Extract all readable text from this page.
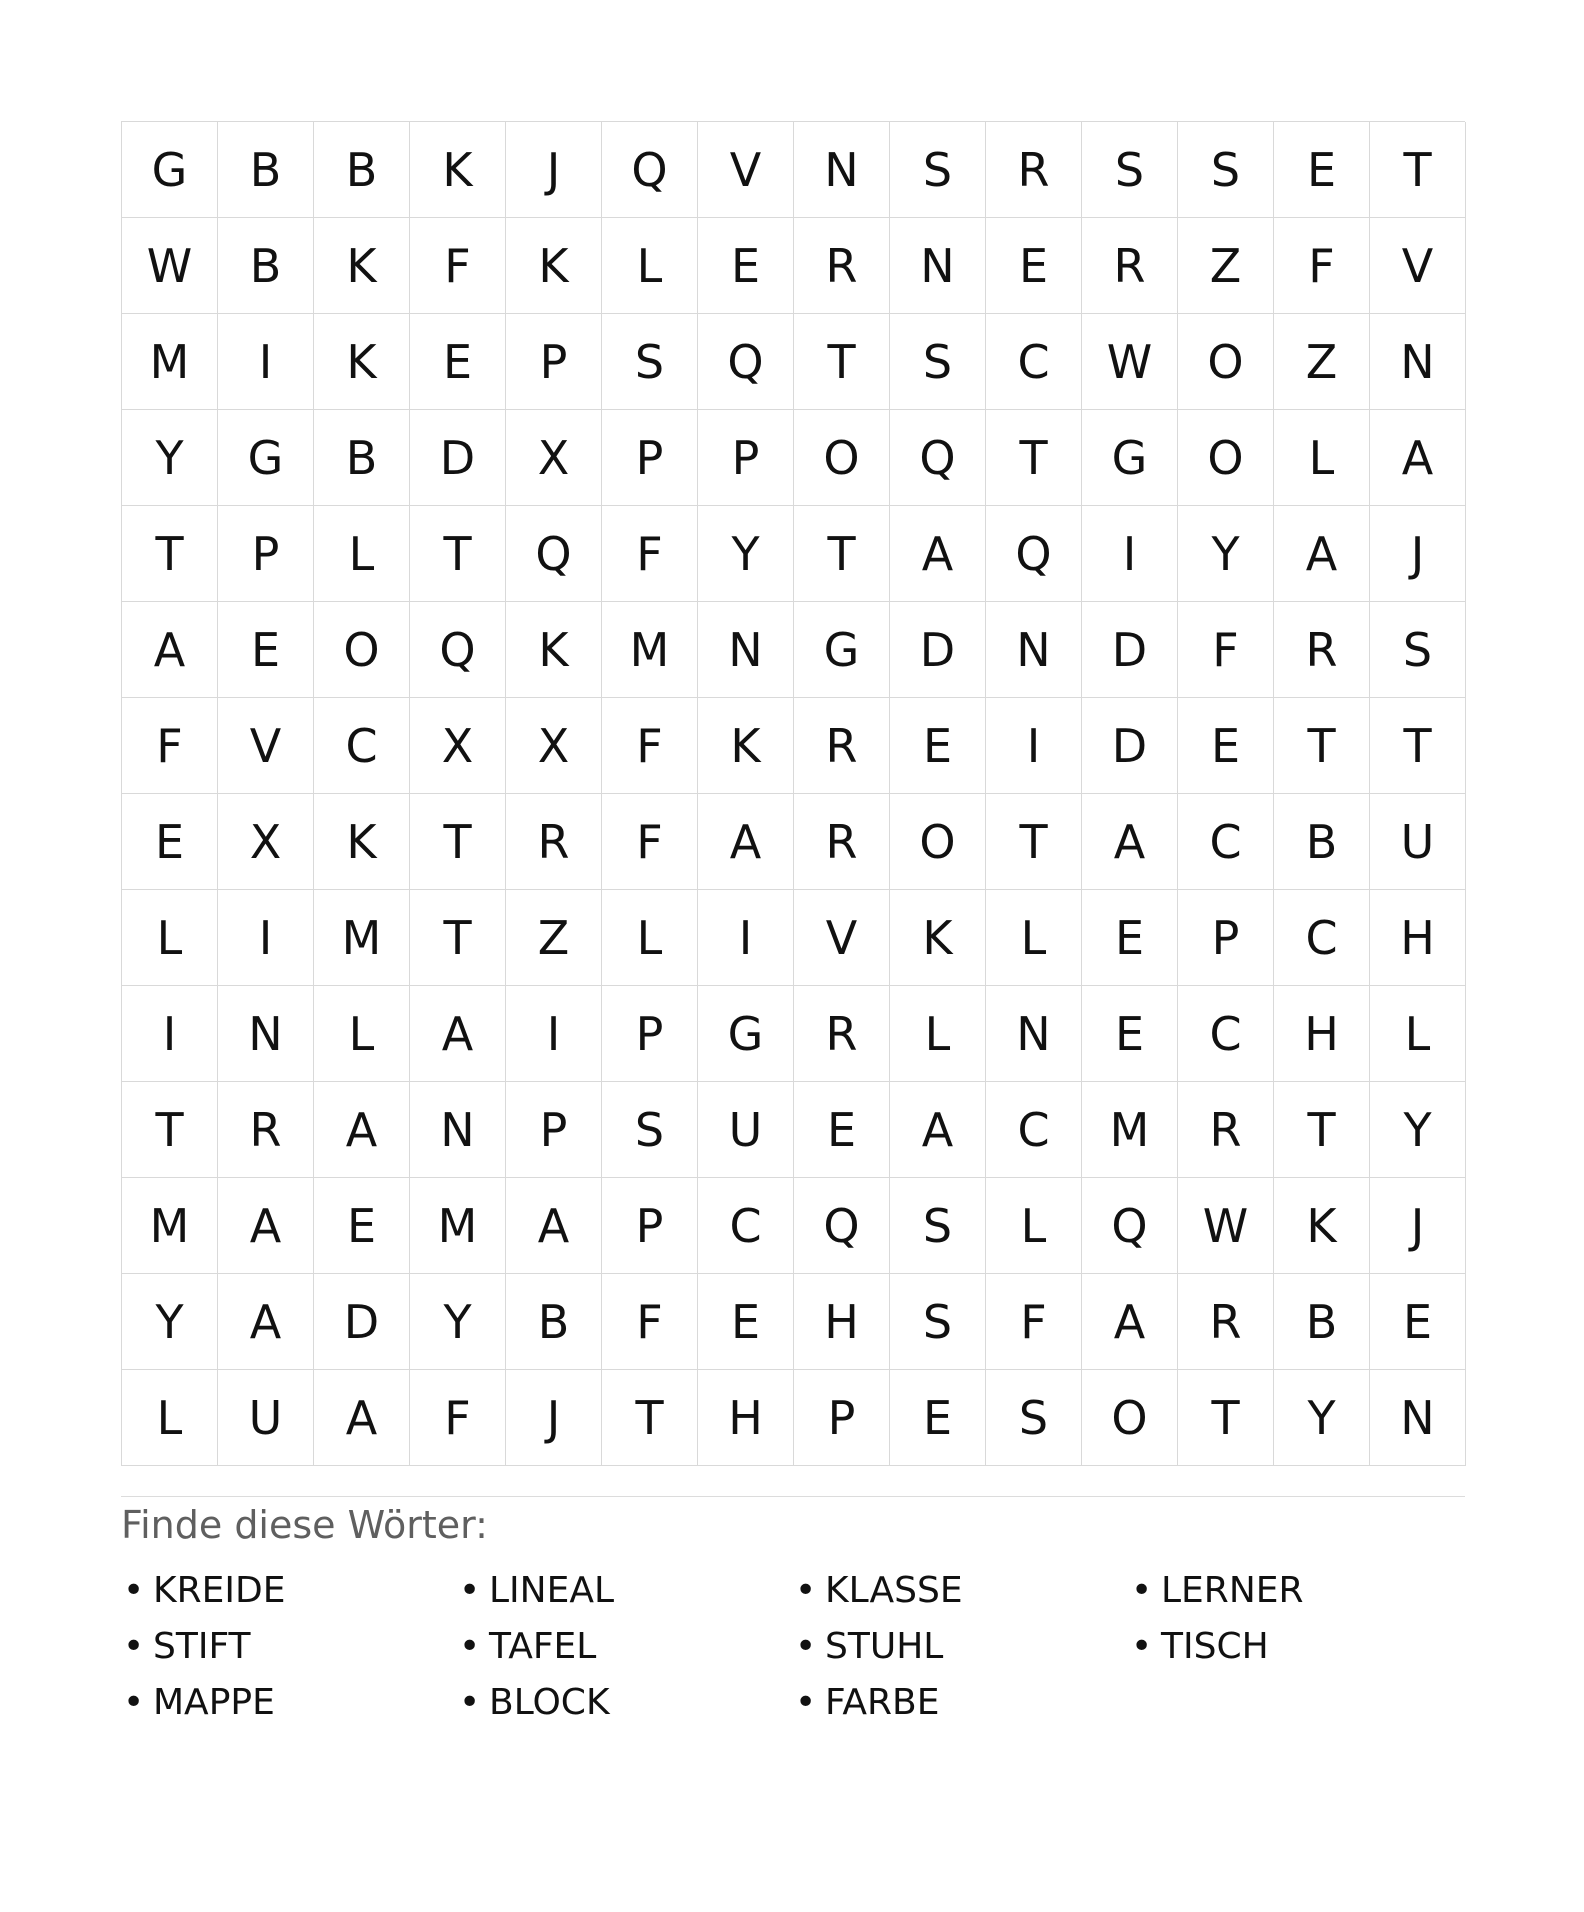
G	B	B	K	J	Q	V	N	S	R	S	S	E	T
W	B	K	F	K	L	E	R	N	E	R	Z	F	V
M	I	K	E	P	S	Q	T	S	C	W	O	Z	N
Y	G	B	D	X	P	P	O	Q	T	G	O	L	A
T	P	L	T	Q	F	Y	T	A	Q	I	Y	A	J
A	E	O	Q	K	M	N	G	D	N	D	F	R	S
F	V	C	X	X	F	K	R	E	I	D	E	T	T
E	X	K	T	R	F	A	R	O	T	A	C	B	U
L	I	M	T	Z	L	I	V	K	L	E	P	C	H
I	N	L	A	I	P	G	R	L	N	E	C	H	L
T	R	A	N	P	S	U	E	A	C	M	R	T	Y
M	A	E	M	A	P	C	Q	S	L	Q	W	K	J
Y	A	D	Y	B	F	E	H	S	F	A	R	B	E
L	U	A	F	J	T	H	P	E	S	O	T	Y	N
Finde diese Wörter:
• KREIDE	• LINEAL	• KLASSE	• LERNER
• STIFT	• TAFEL	• STUHL	• TISCH
• MAPPE	• BLOCK	• FARBE
